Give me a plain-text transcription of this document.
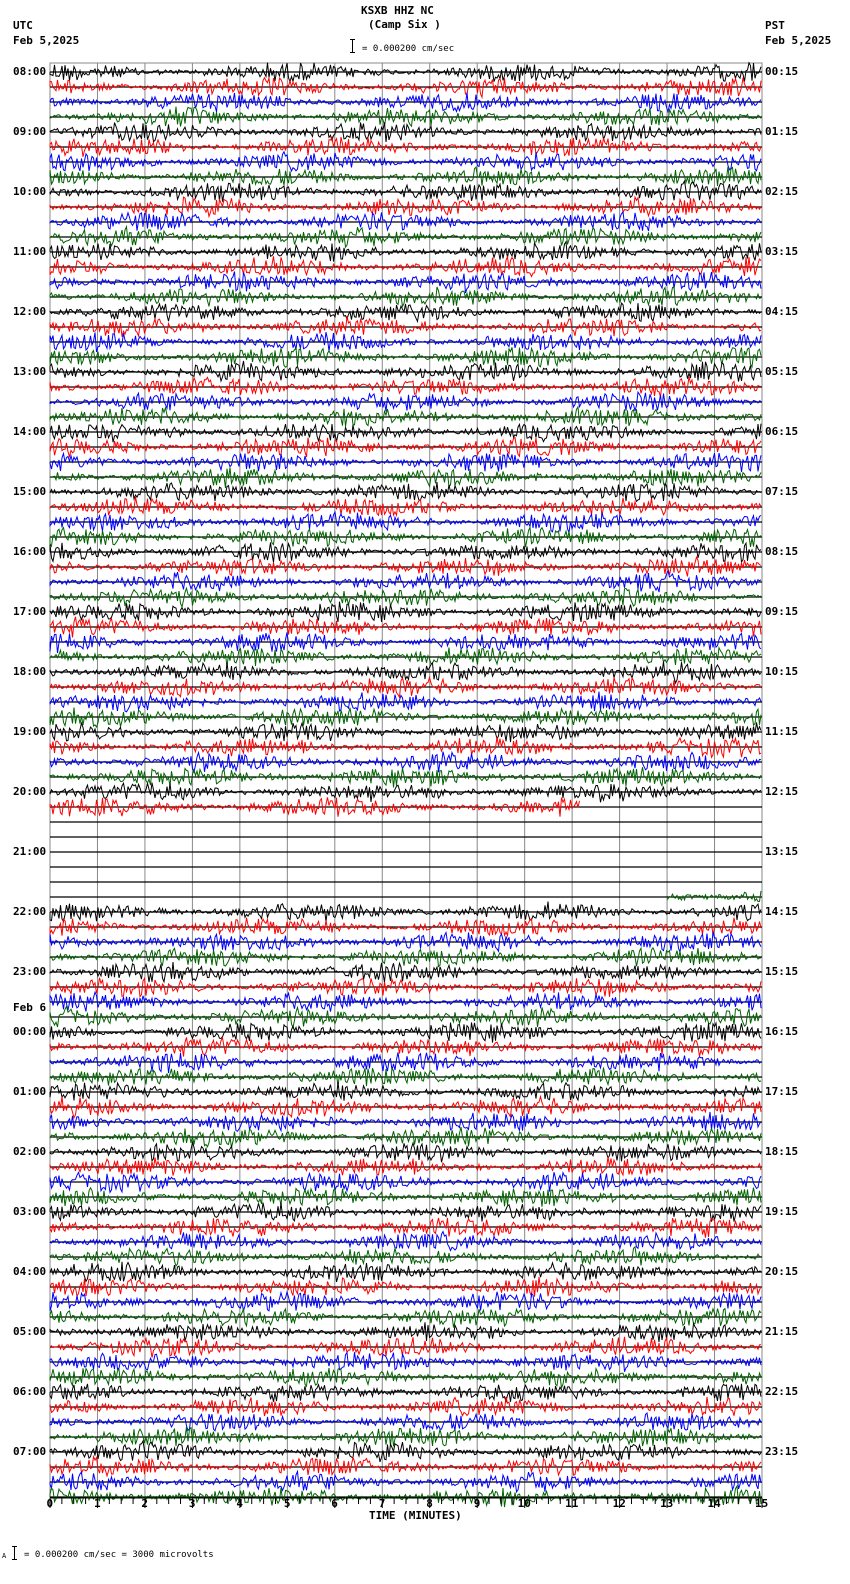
KSXB HHZ NC
(Camp Six )
UTC
Feb 5,2025
PST
Feb 5,2025
= 0.000200 cm/sec
08:00
09:00
10:00
11:00
12:00
13:00
14:00
15:00
16:00
17:00
18:00
19:00
20:00
21:00
22:00
23:00
00:00
01:00
02:00
03:00
04:00
05:00
06:00
07:00
00:15
01:15
02:15
03:15
04:15
05:15
06:15
07:15
08:15
09:15
10:15
11:15
12:15
13:15
14:15
15:15
16:15
17:15
18:15
19:15
20:15
21:15
22:15
23:15
Feb 6
0	1	2	3	4	5	6	7	8	9	10	11	12	13	14	15
TIME (MINUTES)
A = 0.000200 cm/sec = 3000 microvolts
